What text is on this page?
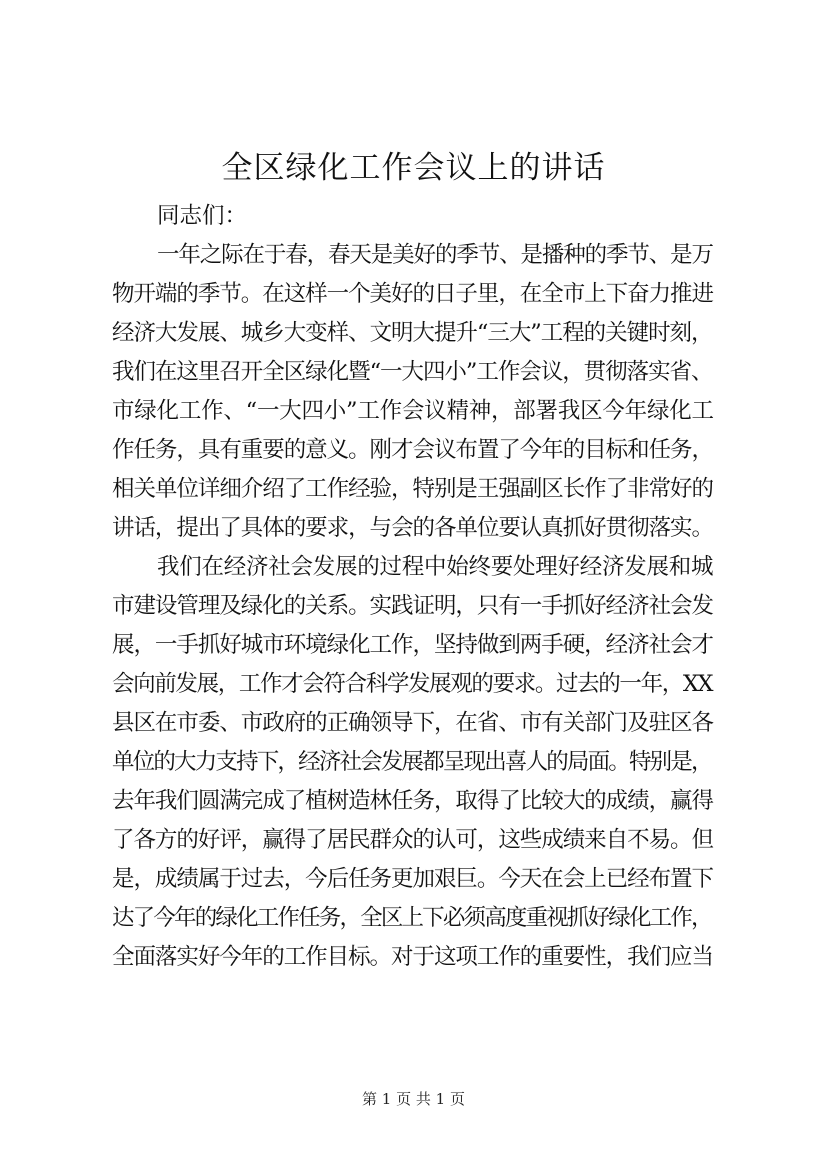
全区绿化工作会议上的讲话

同志们：

一年之际在于春，春天是美好的季节、是播种的季节、是万

物开端的季节。在这样一个美好的日子里，在全市上下奋力推进

经济大发展、城乡大变样、文明大提升“三大”工程的关键时刻，

我们在这里召开全区绿化暨“一大四小”工作会议，贯彻落实省、

市绿化工作、“一大四小”工作会议精神，部署我区今年绿化工

作任务，具有重要的意义。刚才会议布置了今年的目标和任务，

相关单位详细介绍了工作经验，特别是王强副区长作了非常好的

讲话，提出了具体的要求，与会的各单位要认真抓好贯彻落实。

我们在经济社会发展的过程中始终要处理好经济发展和城

市建设管理及绿化的关系。实践证明，只有一手抓好经济社会发

展，一手抓好城市环境绿化工作，坚持做到两手硬，经济社会才

会向前发展，工作才会符合科学发展观的要求。过去的一年，XX

县区在市委、市政府的正确领导下，在省、市有关部门及驻区各

单位的大力支持下，经济社会发展都呈现出喜人的局面。特别是，

去年我们圆满完成了植树造林任务，取得了比较大的成绩，赢得

了各方的好评，赢得了居民群众的认可，这些成绩来自不易。但

是，成绩属于过去，今后任务更加艰巨。今天在会上已经布置下

达了今年的绿化工作任务，全区上下必须高度重视抓好绿化工作，

全面落实好今年的工作目标。对于这项工作的重要性，我们应当

第 1 页 共 1 页
